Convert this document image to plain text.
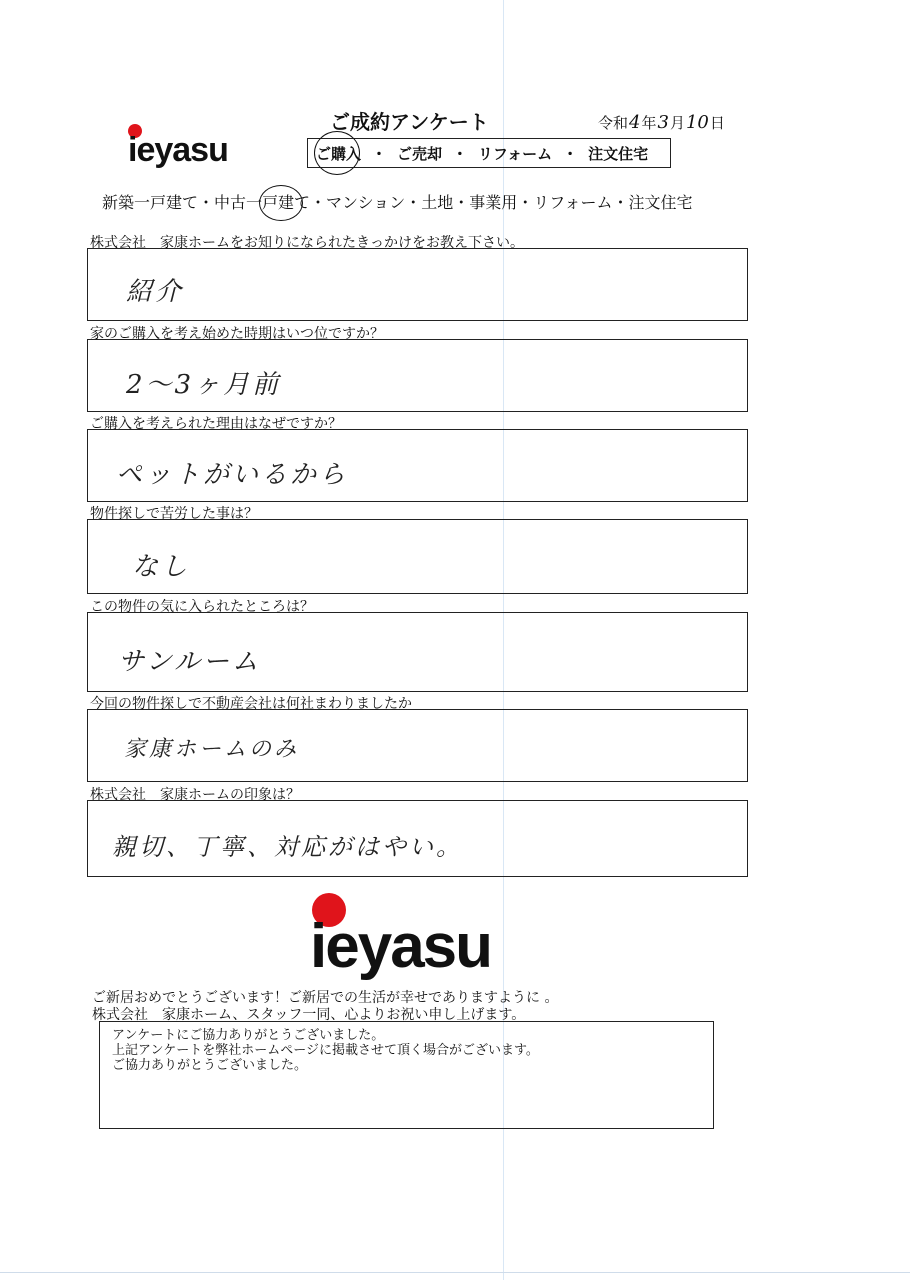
ieyasu
ご成約アンケート	令和4年3月10日
ご購入
・
ご売却
・
リフォーム
・
注文住宅
新築一戸建て・中古一戸建て・マンション・土地・事業用・リフォーム・注文住宅
株式会社　家康ホームをお知りになられたきっかけをお教え下さい。
紹介
家のご購入を考え始めた時期はいつ位ですか？
2～3ヶ月前
ご購入を考えられた理由はなぜですか？
ペットがいるから
物件探しで苦労した事は？
なし
この物件の気に入られたところは？
サンルーム
今回の物件探しで不動産会社は何社まわりましたか
家康ホームのみ
株式会社　家康ホームの印象は？
親切、丁寧、対応がはやい。
ieyasu
ご新居おめでとうございます！ご新居での生活が幸せでありますように 。
株式会社　家康ホーム、スタッフ一同、心よりお祝い申し上げます。
アンケートにご協力ありがとうございました。
上記アンケートを弊社ホームページに掲載させて頂く場合がございます。
ご協力ありがとうございました。
